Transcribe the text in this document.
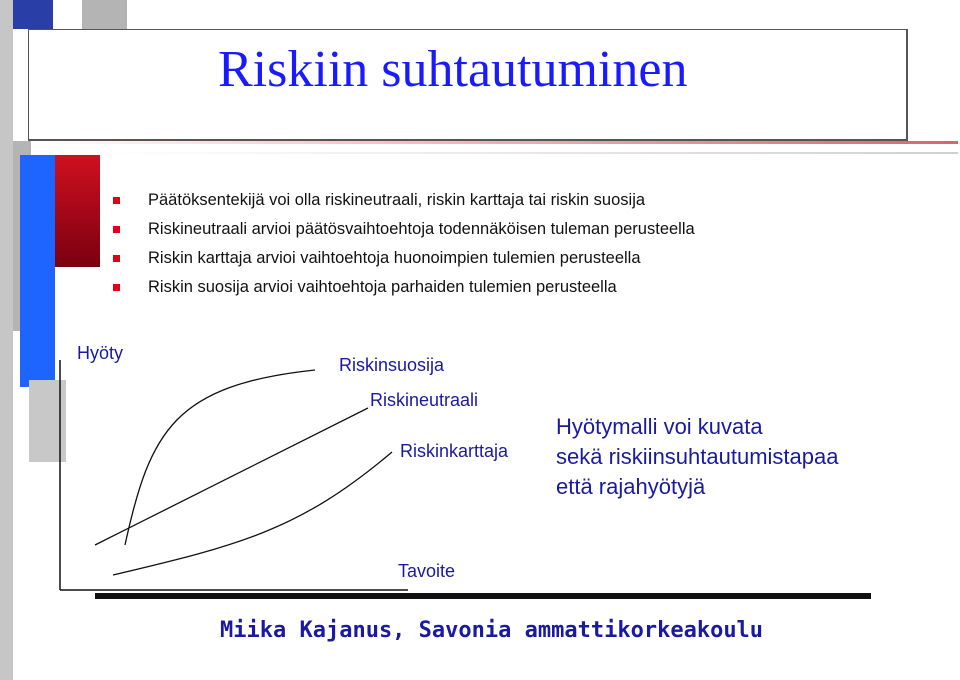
Riskiin suhtautuminen
Päätöksentekijä voi olla riskineutraali, riskin karttaja tai riskin suosija
Riskineutraali arvioi päätösvaihtoehtoja todennäköisen tuleman perusteella
Riskin karttaja arvioi vaihtoehtoja huonoimpien tulemien perusteella
Riskin suosija arvioi vaihtoehtoja parhaiden tulemien perusteella
Hyöty
Riskinsuosija
Riskineutraali
Riskinkarttaja
Tavoite
Hyötymalli voi kuvata
sekä riskiinsuhtautumistapaa
että rajahyötyjä
Miika Kajanus, Savonia ammattikorkeakoulu
